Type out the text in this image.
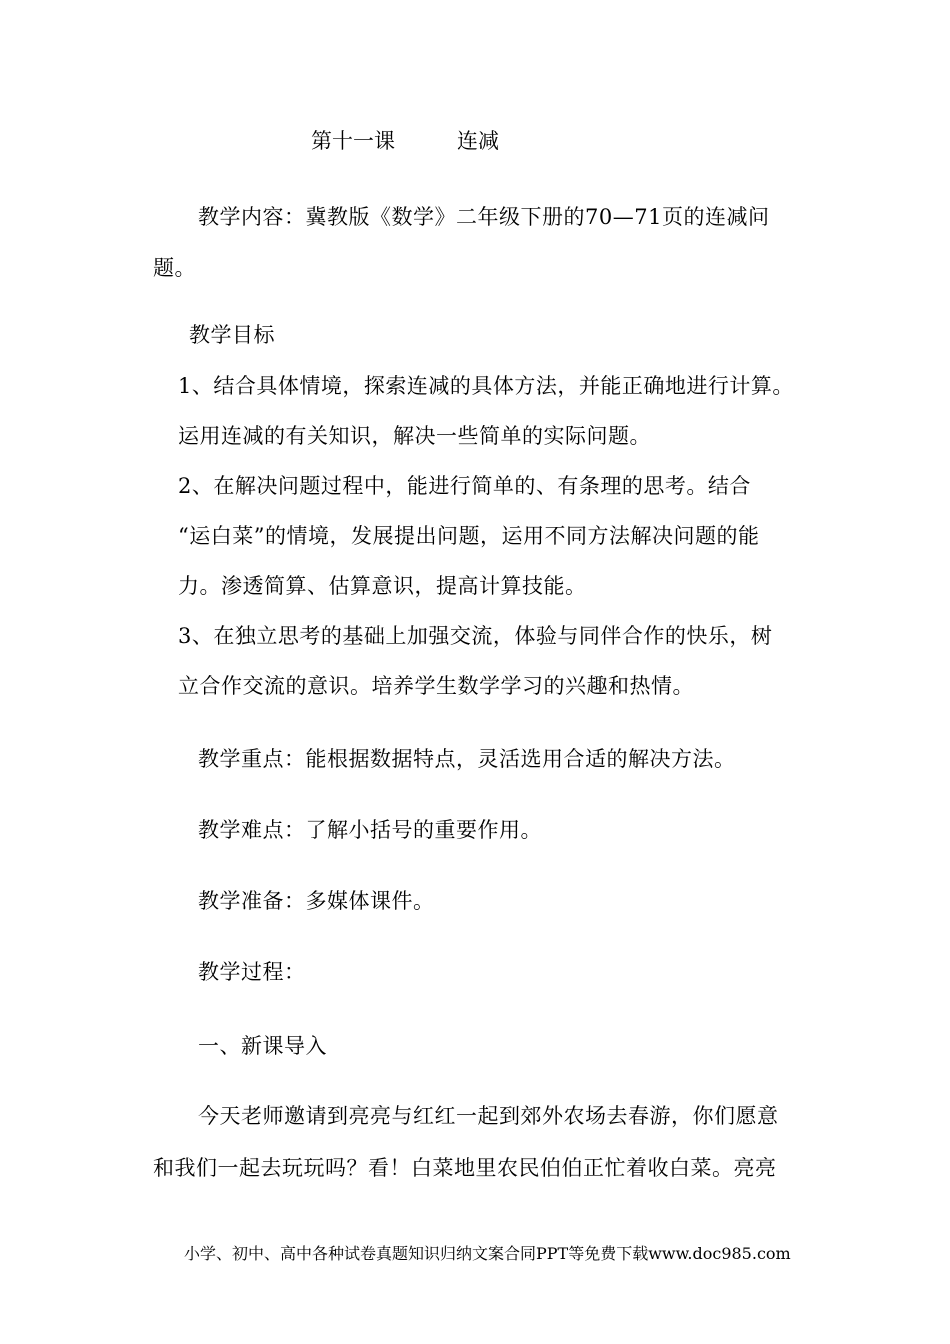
第十一课	连减
教学内容：冀教版《数学》二年级下册的70—71页的连减问
题。
教学目标
1、结合具体情境，探索连减的具体方法，并能正确地进行计算。
运用连减的有关知识，解决一些简单的实际问题。
2、在解决问题过程中，能进行简单的、有条理的思考。结合
“运白菜”的情境，发展提出问题，运用不同方法解决问题的能
力。渗透简算、估算意识，提高计算技能。
3、在独立思考的基础上加强交流，体验与同伴合作的快乐，树
立合作交流的意识。培养学生数学学习的兴趣和热情。
教学重点：能根据数据特点，灵活选用合适的解决方法。
教学难点：了解小括号的重要作用。
教学准备：多媒体课件。
教学过程：
一、新课导入
今天老师邀请到亮亮与红红一起到郊外农场去春游，你们愿意
和我们一起去玩玩吗？看！白菜地里农民伯伯正忙着收白菜。亮亮
小学、初中、高中各种试卷真题知识归纳文案合同PPT等免费下载www.doc985.com
